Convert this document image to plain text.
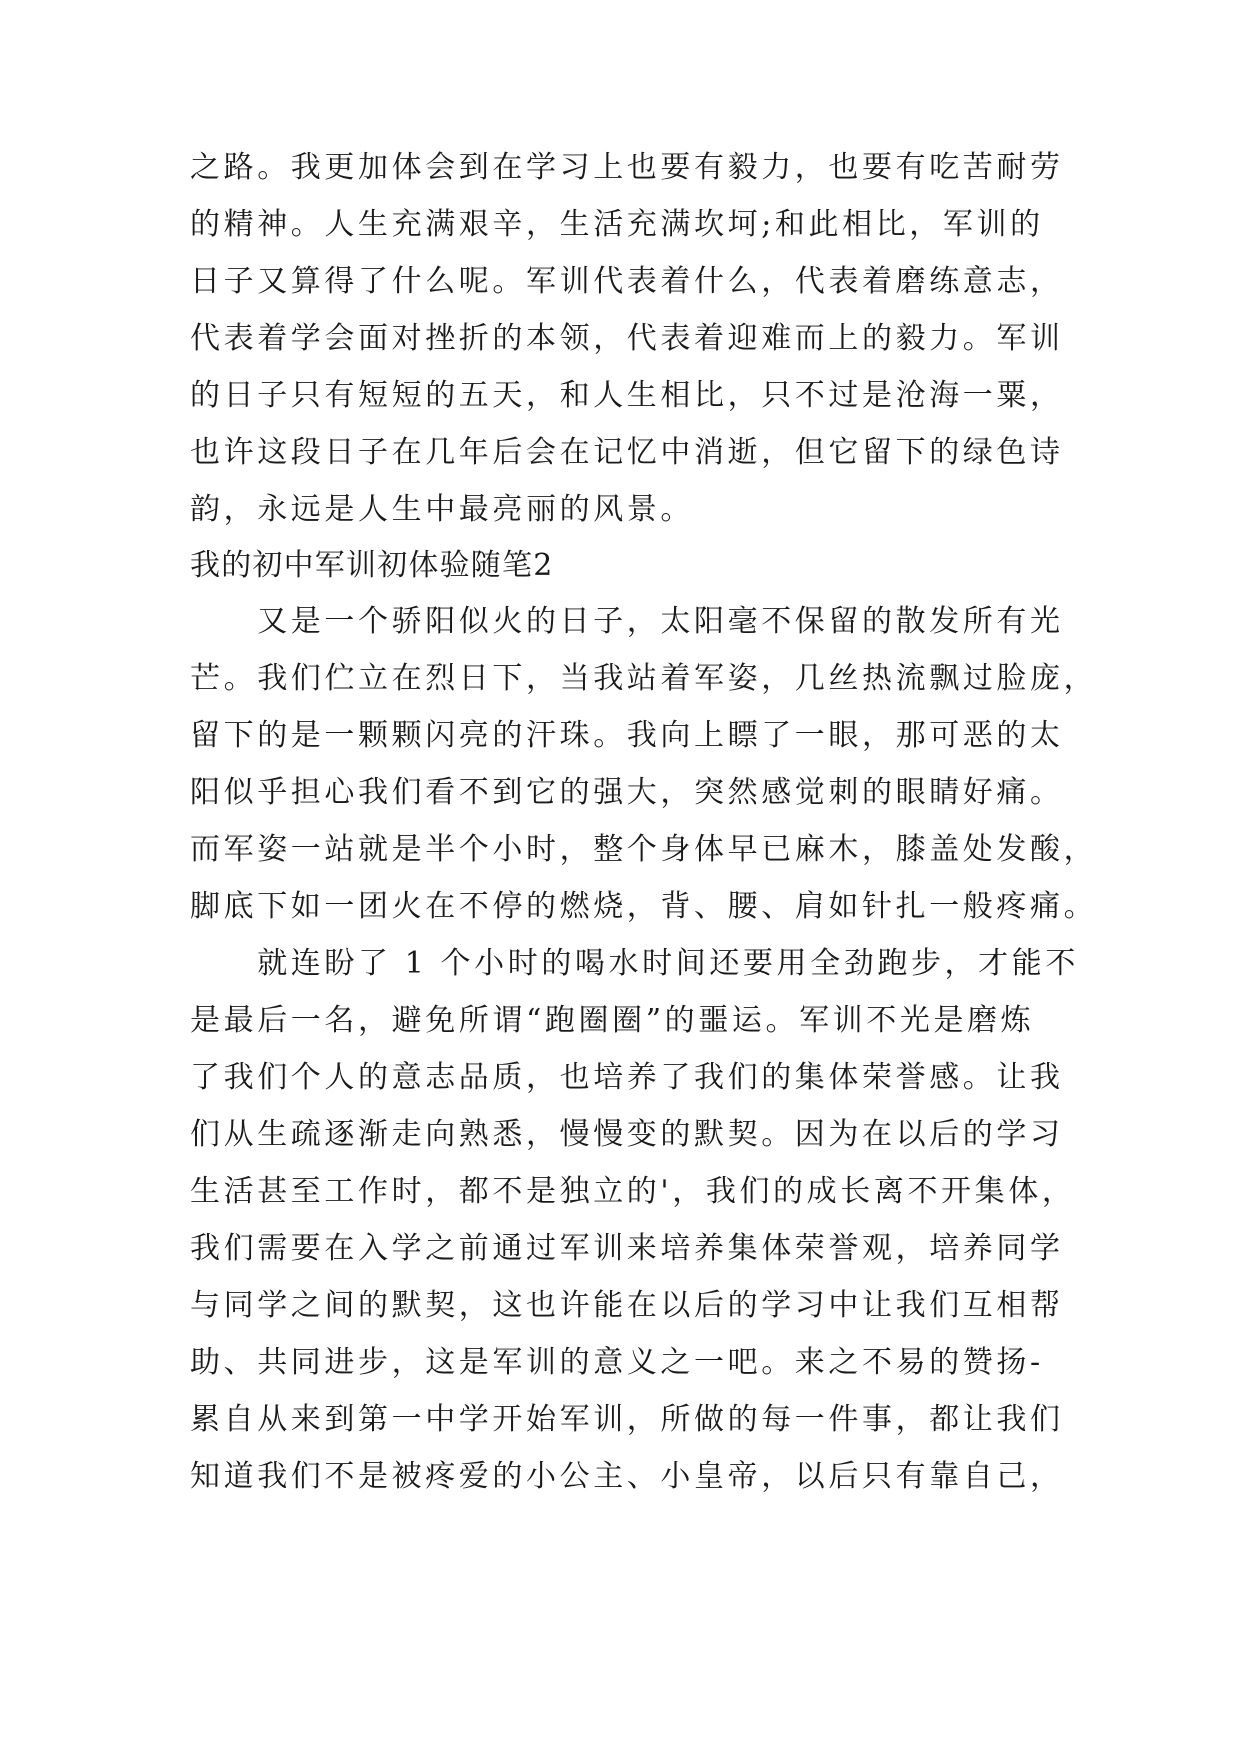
之路。我更加体会到在学习上也要有毅力，也要有吃苦耐劳
的精神。人生充满艰辛，生活充满坎坷;和此相比，军训的
日子又算得了什么呢。军训代表着什么，代表着磨练意志，
代表着学会面对挫折的本领，代表着迎难而上的毅力。军训
的日子只有短短的五天，和人生相比，只不过是沧海一粟，
也许这段日子在几年后会在记忆中消逝，但它留下的绿色诗
韵，永远是人生中最亮丽的风景。
我的初中军训初体验随笔2
　　又是一个骄阳似火的日子，太阳毫不保留的散发所有光
芒。我们伫立在烈日下，当我站着军姿，几丝热流飘过脸庞，
留下的是一颗颗闪亮的汗珠。我向上瞟了一眼，那可恶的太
阳似乎担心我们看不到它的强大，突然感觉刺的眼睛好痛。
而军姿一站就是半个小时，整个身体早已麻木，膝盖处发酸，
脚底下如一团火在不停的燃烧，背、腰、肩如针扎一般疼痛。
　　就连盼了 1 个小时的喝水时间还要用全劲跑步，才能不
是最后一名，避免所谓“跑圈圈”的噩运。军训不光是磨炼
了我们个人的意志品质，也培养了我们的集体荣誉感。让我
们从生疏逐渐走向熟悉，慢慢变的默契。因为在以后的学习
生活甚至工作时，都不是独立的'，我们的成长离不开集体，
我们需要在入学之前通过军训来培养集体荣誉观，培养同学
与同学之间的默契，这也许能在以后的学习中让我们互相帮
助、共同进步，这是军训的意义之一吧。来之不易的赞扬-
累自从来到第一中学开始军训，所做的每一件事，都让我们
知道我们不是被疼爱的小公主、小皇帝，以后只有靠自己，
